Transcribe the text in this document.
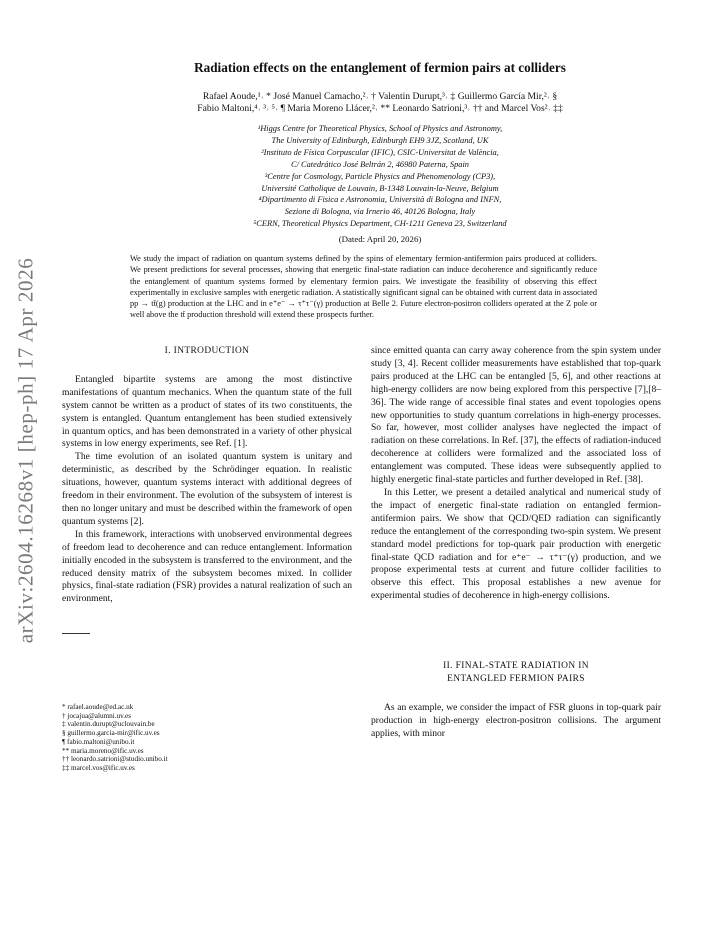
arXiv:2604.16268v1 [hep-ph] 17 Apr 2026
Radiation effects on the entanglement of fermion pairs at colliders

Rafael Aoude,¹˒ * José Manuel Camacho,²˒ † Valentin Durupt,³˒ ‡ Guillermo García Mir,²˒ §

Fabio Maltoni,⁴˒ ³˒ ⁵˒ ¶ Maria Moreno Llácer,²˒ ** Leonardo Satrioni,³˒ †† and Marcel Vos²˒ ‡‡

¹Higgs Centre for Theoretical Physics, School of Physics and Astronomy,

The University of Edinburgh, Edinburgh EH9 3JZ, Scotland, UK

²Instituto de Física Corpuscular (IFIC), CSIC-Universitat de València,

C/ Catedrático José Beltrán 2, 46980 Paterna, Spain

³Centre for Cosmology, Particle Physics and Phenomenology (CP3),

Université Catholique de Louvain, B-1348 Louvain-la-Neuve, Belgium

⁴Dipartimento di Fisica e Astronomia, Università di Bologna and INFN,

Sezione di Bologna, via Irnerio 46, 40126 Bologna, Italy

⁵CERN, Theoretical Physics Department, CH-1211 Geneva 23, Switzerland

(Dated: April 20, 2026)
We study the impact of radiation on quantum systems defined by the spins of elementary fermion-antifermion pairs produced at colliders. We present predictions for several processes, showing that energetic final-state radiation can induce decoherence and significantly reduce the entanglement of quantum systems formed by elementary fermion pairs. We investigate the feasibility of observing this effect experimentally in exclusive samples with energetic radiation. A statistically significant signal can be obtained with current data in associated pp → tt̄(g) production at the LHC and in e⁺e⁻ → τ⁺τ⁻(γ) production at Belle 2. Future electron-positron colliders operated at the Z pole or well above the tt̄ production threshold will extend these prospects further.
I. INTRODUCTION

Entangled bipartite systems are among the most distinctive manifestations of quantum mechanics. When the quantum state of the full system cannot be written as a product of states of its two constituents, the system is entangled. Quantum entanglement has been studied extensively in quantum optics, and has been demonstrated in a variety of other physical systems in low energy experiments, see Ref. [1].

The time evolution of an isolated quantum system is unitary and deterministic, as described by the Schrödinger equation. In realistic situations, however, quantum systems interact with additional degrees of freedom in their environment. The evolution of the subsystem of interest is then no longer unitary and must be described within the framework of open quantum systems [2].

In this framework, interactions with unobserved environmental degrees of freedom lead to decoherence and can reduce entanglement. Information initially encoded in the subsystem is transferred to the environment, and the reduced density matrix of the subsystem becomes mixed. In collider physics, final-state radiation (FSR) provides a natural realization of such an environment,

since emitted quanta can carry away coherence from the spin system under study [3, 4]. Recent collider measurements have established that top-quark pairs produced at the LHC can be entangled [5, 6], and other reactions at high-energy colliders are now being explored from this perspective [7],[8–36]. The wide range of accessible final states and event topologies opens new opportunities to study quantum correlations in high-energy processes. So far, however, most collider analyses have neglected the impact of radiation on these correlations. In Ref. [37], the effects of radiation-induced decoherence at colliders were formalized and the associated loss of entanglement was computed. These ideas were subsequently applied to highly energetic final-state particles and further developed in Ref. [38].

In this Letter, we present a detailed analytical and numerical study of the impact of energetic final-state radiation on entangled fermion-antifermion pairs. We show that QCD/QED radiation can significantly reduce the entanglement of the corresponding two-spin system. We present standard model predictions for top-quark pair production with energetic final-state QCD radiation and for e⁺e⁻ → τ⁺τ⁻(γ) production, and we propose experimental tests at current and future collider facilities to observe this effect. This proposal establishes a new avenue for experimental studies of decoherence in high-energy collisions.

II. FINAL-STATE RADIATION IN
ENTANGLED FERMION PAIRS

As an example, we consider the impact of FSR gluons in top-quark pair production in high-energy electron-positron collisions. The argument applies, with minor

* rafael.aoude@ed.ac.uk
† jocajua@alumni.uv.es
‡ valentin.durupt@uclouvain.be
§ guillermo.garcia-mir@ific.uv.es
¶ fabio.maltoni@unibo.it
** maria.moreno@ific.uv.es
†† leonardo.satrioni@studio.unibo.it
‡‡ marcel.vos@ific.uv.es
